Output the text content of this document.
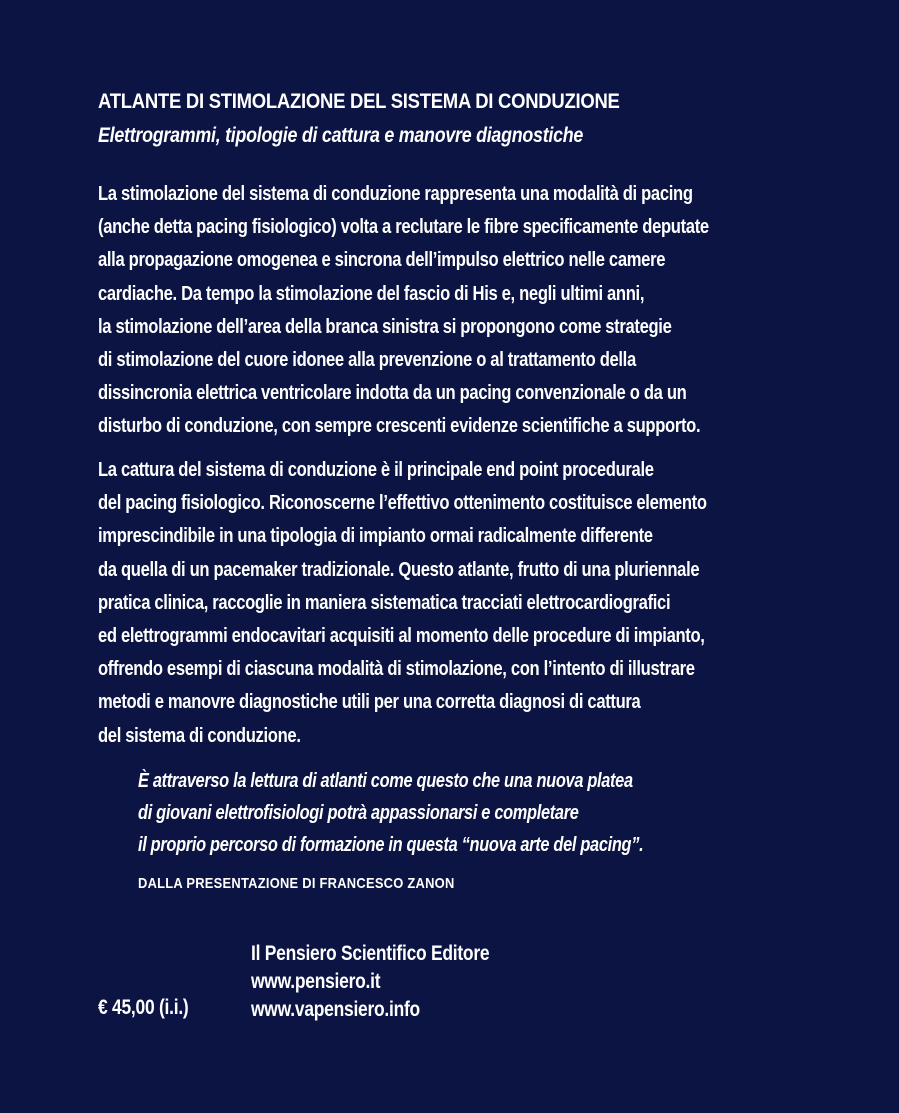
ATLANTE DI STIMOLAZIONE DEL SISTEMA DI CONDUZIONE
Elettrogrammi, tipologie di cattura e manovre diagnostiche
La stimolazione del sistema di conduzione rappresenta una modalità di pacing
(anche detta pacing fisiologico) volta a reclutare le fibre specificamente deputate
alla propagazione omogenea e sincrona dell’impulso elettrico nelle camere
cardiache. Da tempo la stimolazione del fascio di His e, negli ultimi anni,
la stimolazione dell’area della branca sinistra si propongono come strategie
di stimolazione del cuore idonee alla prevenzione o al trattamento della
dissincronia elettrica ventricolare indotta da un pacing convenzionale o da un
disturbo di conduzione, con sempre crescenti evidenze scientifiche a supporto.
La cattura del sistema di conduzione è il principale end point procedurale
del pacing fisiologico. Riconoscerne l’effettivo ottenimento costituisce elemento
imprescindibile in una tipologia di impianto ormai radicalmente differente
da quella di un pacemaker tradizionale. Questo atlante, frutto di una pluriennale
pratica clinica, raccoglie in maniera sistematica tracciati elettrocardiografici
ed elettrogrammi endocavitari acquisiti al momento delle procedure di impianto,
offrendo esempi di ciascuna modalità di stimolazione, con l’intento di illustrare
metodi e manovre diagnostiche utili per una corretta diagnosi di cattura
del sistema di conduzione.
È attraverso la lettura di atlanti come questo che una nuova platea
di giovani elettrofisiologi potrà appassionarsi e completare
il proprio percorso di formazione in questa “nuova arte del pacing”.
DALLA PRESENTAZIONE DI FRANCESCO ZANON
Il Pensiero Scientifico Editore
www.pensiero.it
www.vapensiero.info
€ 45,00 (i.i.)
